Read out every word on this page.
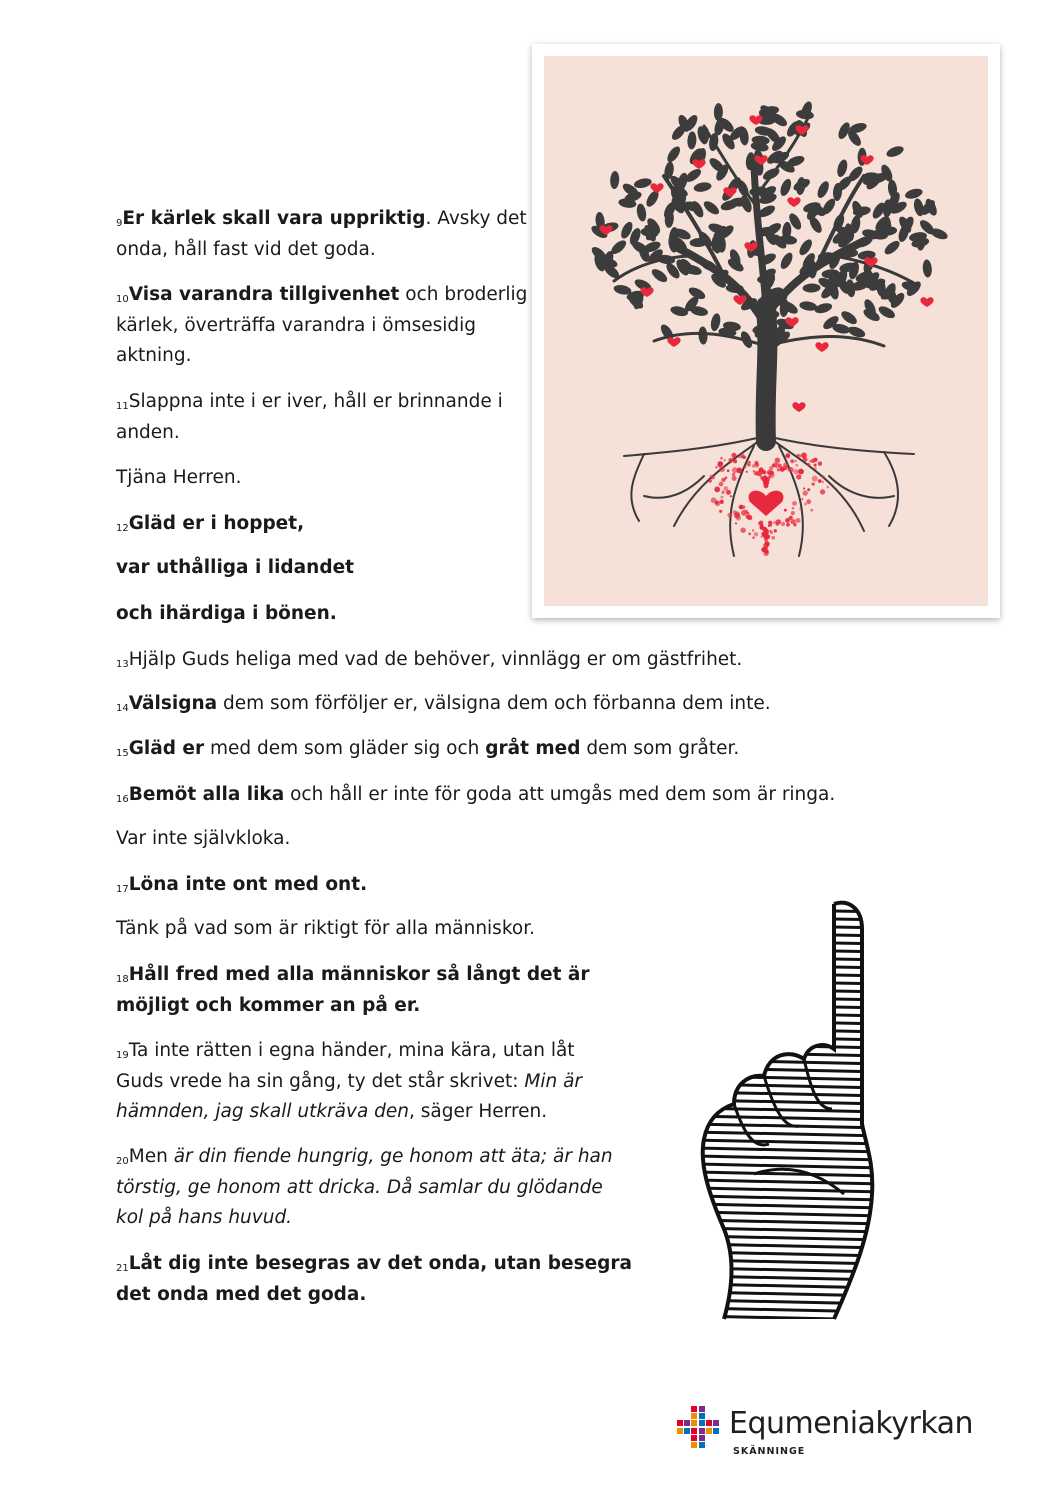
$_9$Er kärlek skall vara uppriktig. Avsky det
onda, håll fast vid det goda.

$_{10}$Visa varandra tillgivenhet och broderlig
kärlek, överträffa varandra i ömsesidig
aktning.

$_{11}$Slappna inte i er iver, håll er brinnande i
anden.

Tjäna Herren.

$_{12}$Gläd er i hoppet,

var uthålliga i lidandet

och ihärdiga i bönen.

$_{13}$Hjälp Guds heliga med vad de behöver, vinnlägg er om gästfrihet.

$_{14}$Välsigna dem som förföljer er, välsigna dem och förbanna dem inte.

$_{15}$Gläd er med dem som gläder sig och gråt med dem som gråter.

$_{16}$Bemöt alla lika och håll er inte för goda att umgås med dem som är ringa.

Var inte självkloka.

$_{17}$Löna inte ont med ont.

Tänk på vad som är riktigt för alla människor.

$_{18}$Håll fred med alla människor så långt det är
möjligt och kommer an på er.

$_{19}$Ta inte rätten i egna händer, mina kära, utan låt
Guds vrede ha sin gång, ty det står skrivet: Min är
hämnden, jag skall utkräva den, säger Herren.

$_{20}$Men är din fiende hungrig, ge honom att äta; är han
törstig, ge honom att dricka. Då samlar du glödande
kol på hans huvud.

$_{21}$Låt dig inte besegras av det onda, utan besegra
det onda med det goda.

Equmeniakyrkan
SKÄNNINGE
